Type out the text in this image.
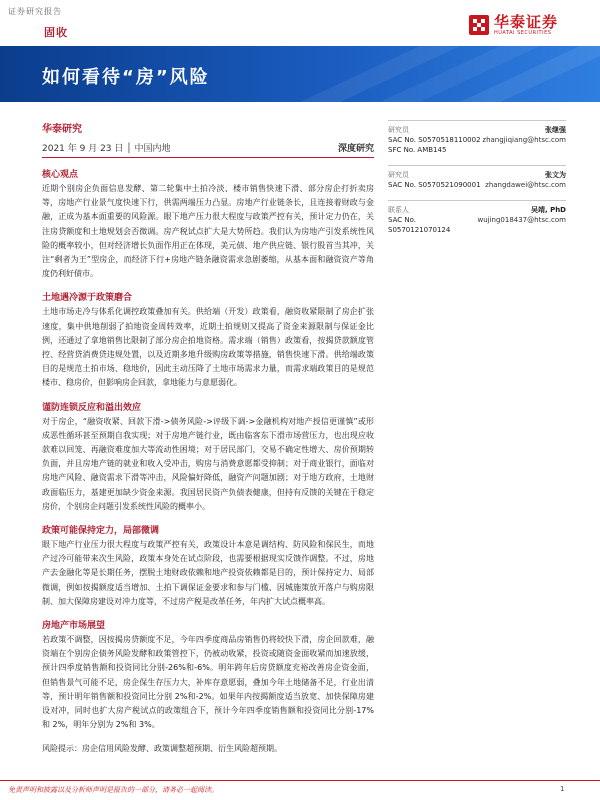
证券研究报告
固收
华泰证券
HUATAI SECURITIES
如何看待“房”风险
华泰研究
2021 年 9 月 23 日 │ 中国内地	深度研究
核心观点

近期个别房企负面信息发酵、第二轮集中土拍冷淡、楼市销售快速下滑、部分房企打折卖房等，房地产行业景气度快速下行，供需两端压力凸显。房地产行业链条长，且连接着财政与金融，正成为基本面重要的风险源。眼下地产压力很大程度与政策严控有关，预计定力仍在，关注房贷额度和土地规划会否微调。房产税试点扩大是大势所趋。我们认为房地产引发系统性风险的概率较小，但对经济增长负面作用正在体现，美元债、地产供应链、银行股首当其冲，关注“剩者为王”型房企，而经济下行+房地产链条融资需求急剧萎缩，从基本面和融资资产等角度仍利好债市。

土地遇冷源于政策磨合

土地市场走冷与体系化调控政策叠加有关。供给端（开发）政策看，融资收紧限制了房企扩张速度，集中供地削弱了拍地资金周转效率，近期土拍规则又提高了资金来源限制与保证金比例，还通过了拿地销售比限制了部分房企拍地资格。需求端（销售）政策看，按揭贷款额度管控、经营贷消费贷违规处置，以及近期多地升级购房政策等措施，销售快速下滑。供给端政策目的是规范土拍市场、稳地价，因此主动压降了土地市场需求力量，而需求端政策目的是规范楼市、稳房价，但影响房企回款，拿地能力与意愿弱化。

谨防连锁反应和溢出效应

对于房企，“融资收紧、回款下滑->债务风险->评级下调->金融机构对地产授信更谨慎”或形成恶性循环甚至预期自我实现；对于房地产链行业，既由临客东下滑市场营压力，也出现应收款难以回笼、再融资难度加大等流动性困境；对于居民部门，交易不确定性增大、房价预期转负面，并且房地产链的就业和收入受冲击，购房与消费意愿都受抑制；对于商业银行，面临对房地产风险、融资需求下滑等冲击，风险偏好降低，融资产问题加剧；对于地方政府，土地财政面临压力，基建更加缺少资金来源。我国居民资产负债表健康，但持有反馈的关键在于稳定房价，个别房企问题引发系统性风险的概率小。

政策可能保持定力，局部微调

眼下地产行业压力很大程度与政策严控有关，政策设计本意是调结构、防风险和保民生，而地产过冷可能带来次生风险，政策本身处在试点阶段，也需要根据现实反馈作调整。不过，房地产去金融化等是长期任务，摆脱土地财政依赖和地产投资依赖都是目的，预计保持定力、局部微调，例如按揭额度适当增加、土拍下调保证金要求和参与门槛、因城施策放开落户与购房限制、加大保障房建设对冲力度等，不过房产税是改革任务，年内扩大试点概率高。

房地产市场展望

若政策不调整，因按揭房贷额度不足，今年四季度商品房销售仍将较快下滑，房企回款难，融资端在个别房企债务风险发酵和政策管控下，仍被动收紧，投资或随资金面收紧而加速放缓，预计四季度销售额和投资同比分别-26%和-6%。明年跨年后房贷额度充裕改善房企资金面，但销售景气可能不足，房企保生存压力大，补库存意愿弱，叠加今年土地储备不足，行业出清等，预计明年销售额和投资同比分别 2%和-2%。如果年内按揭额度适当放宽、加快保障房建设对冲，同时也扩大房产税试点的政策组合下，预计今年四季度销售额和投资同比分别-17%和 2%，明年分别为 2%和 3%。

风险提示：房企信用风险发酵、政策调整超预期、衍生风险超预期。
研究员	张继强
SAC No. S0570518110002 zhangjiqiang@htsc.com
SFC No. AMB145
研究员	张文为
SAC No. S0570521090001 zhangdawei@htsc.com
联系人	吴靖, PhD
SAC No. S0570121070124
wujing018437@htsc.com
免责声明和披露以及分析师声明是报告的一部分，请务必一起阅读。	1
